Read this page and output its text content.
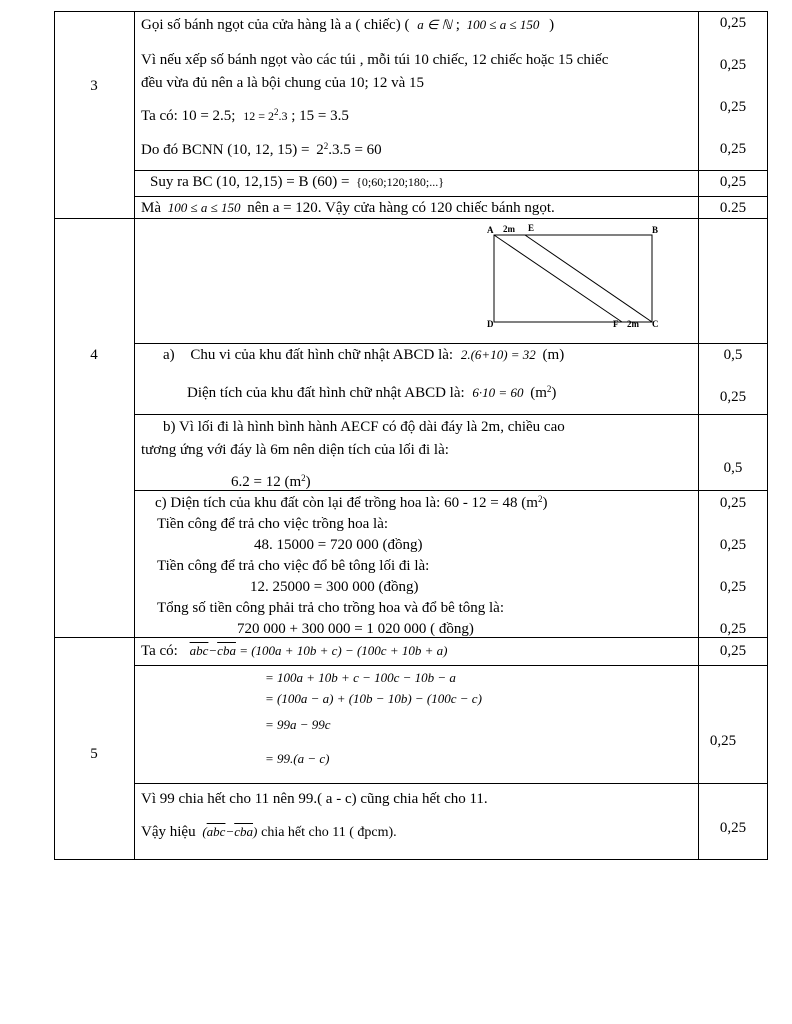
3
Gọi số bánh ngọt của cửa hàng là a ( chiếc) ( a ∈ ℕ ; 100 ≤ a ≤ 150 )
Vì nếu xếp số bánh ngọt vào các túi , mỗi túi 10 chiếc, 12 chiếc hoặc 15 chiếc
đều vừa đủ nên a là bội chung của 10; 12 và 15
Ta có: 10 = 2.5; $12 = 2^2.3$ ; 15 = 3.5
Do đó BCNN (10, 12, $15) = 2^2.3.5 = 60$
Suy ra BC (10, 12,15) = B (60) = {0;60;120;180;...}
Mà 100 ≤ a ≤ 150 nên a = 120. Vậy cửa hàng có 120 chiếc bánh ngọt.
0,25
0,25
0,25
0,25
0,25
0.25
4
A 2m E	B
D	F 2m C
a) Chu vi của khu đất hình chữ nhật ABCD là: 2.(6+10) = 32 (m)
Diện tích của khu đất hình chữ nhật ABCD là: 6·10 = 60 $(m^2)$
b) Vì lối đi là hình bình hành AECF có độ dài đáy là 2m, chiều cao
tương ứng với đáy là 6m nên diện tích của lối đi là:
6.2 = 12 $(m^2)$
c) Diện tích của khu đất còn lại để trồng hoa là: 60 - 12 = 48 $(m^2)$
Tiền công để trả cho việc trồng hoa là:
48. 15000 = 720 000 (đồng)
Tiền công để trả cho việc đổ bê tông lối đi là:
12. 25000 = 300 000 (đồng)
Tổng số tiền công phải trả cho trồng hoa và đổ bê tông là:
720 000 + 300 000 = 1 020 000 ( đồng)
0,5
0,25
0,5
0,25
0,25
0,25
0,25
5
Ta có: $\overline{abc}-\overline{cba} = (100a + 10b + c) - (100c + 10b + a)$
= 100a + 10b + c − 100c − 10b − a
= (100a − a) + (10b − 10b) − (100c − c)
= 99a − 99c
= 99.(a − c)
Vì 99 chia hết cho 11 nên 99.( a - c) cũng chia hết cho 11.
Vậy hiệu $(\overline{abc}-\overline{cba})$ chia hết cho 11 ( đpcm).
0,25
0,25
0,25
